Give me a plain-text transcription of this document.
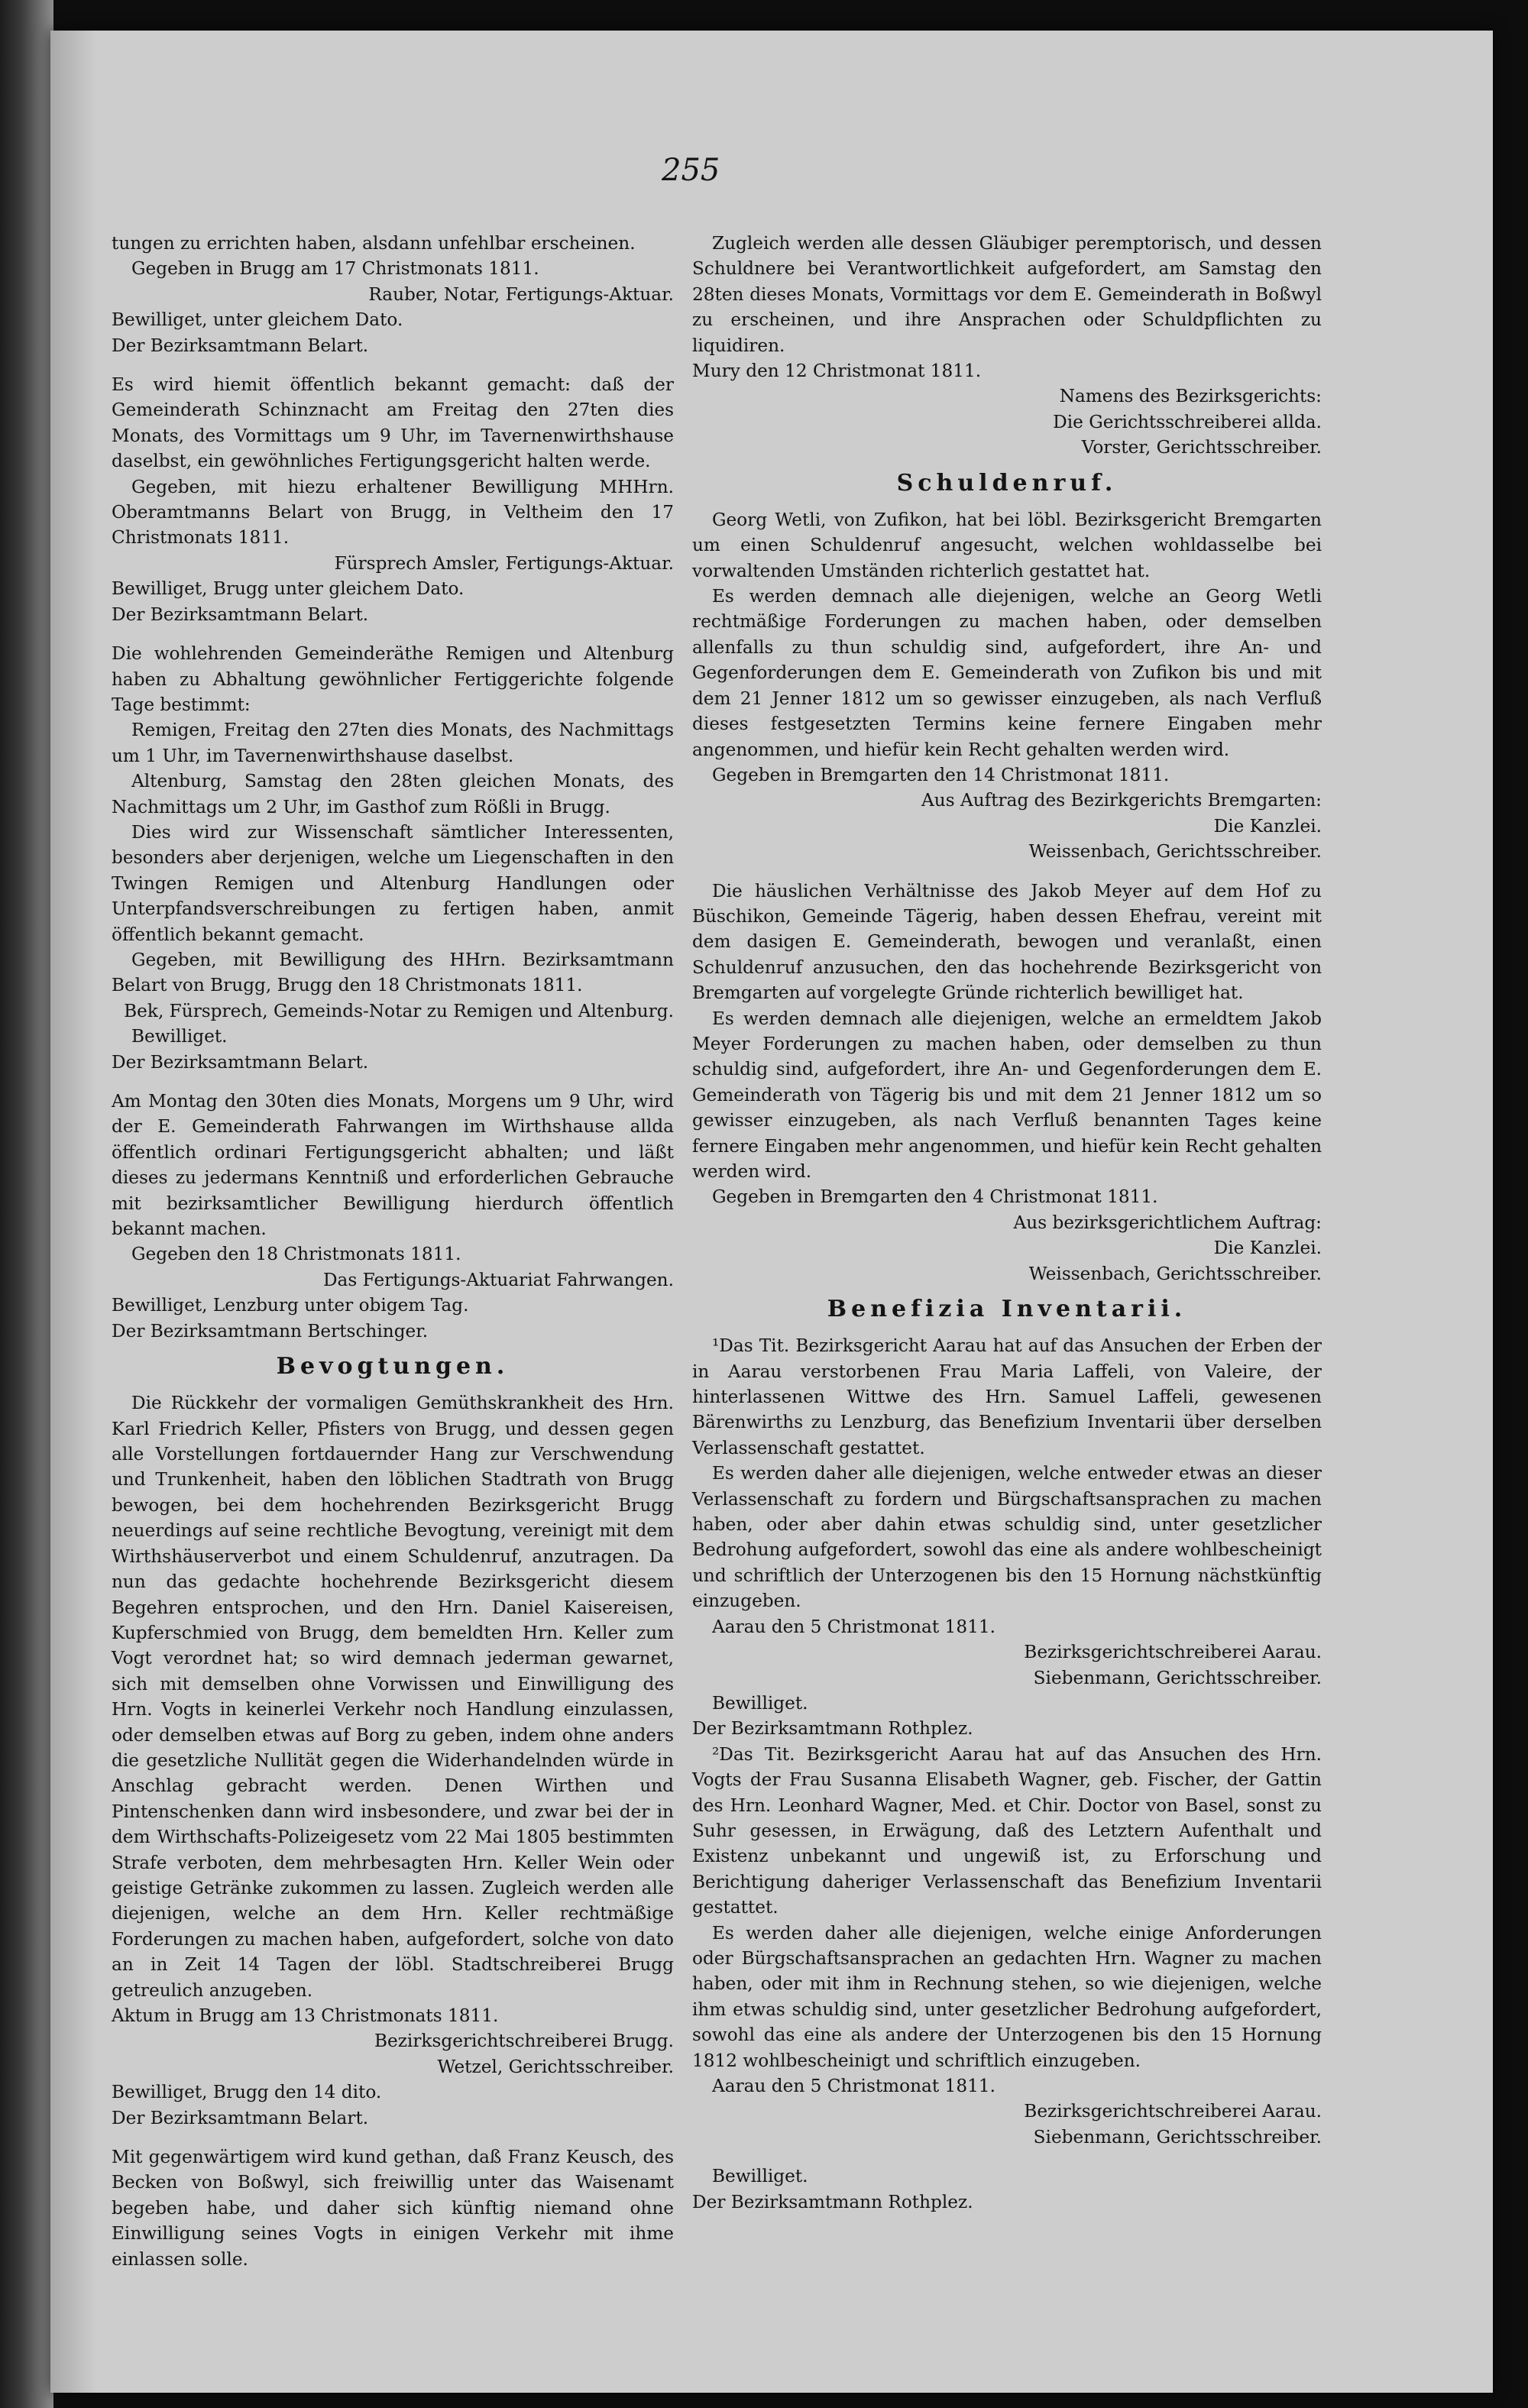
255

tungen zu errichten haben, alsdann unfehlbar erscheinen.

Gegeben in Brugg am 17 Christmonats 1811.

Rauber, Notar, Fertigungs-Aktuar.

Bewilliget, unter gleichem Dato.

Der Bezirksamtmann Belart.

Es wird hiemit öffentlich bekannt gemacht: daß der Gemeinderath Schinznacht am Freitag den 27ten dies Monats, des Vormittags um 9 Uhr, im Tavernenwirthshause daselbst, ein gewöhnliches Fertigungsgericht halten werde.

Gegeben, mit hiezu erhaltener Bewilligung MHHrn. Oberamtmanns Belart von Brugg, in Veltheim den 17 Christmonats 1811.

Fürsprech Amsler, Fertigungs-Aktuar.

Bewilliget, Brugg unter gleichem Dato.

Der Bezirksamtmann Belart.

Die wohlehrenden Gemeinderäthe Remigen und Altenburg haben zu Abhaltung gewöhnlicher Fertiggerichte folgende Tage bestimmt:

Remigen, Freitag den 27ten dies Monats, des Nachmittags um 1 Uhr, im Tavernenwirthshause daselbst.

Altenburg, Samstag den 28ten gleichen Monats, des Nachmittags um 2 Uhr, im Gasthof zum Rößli in Brugg.

Dies wird zur Wissenschaft sämtlicher Interessenten, besonders aber derjenigen, welche um Liegenschaften in den Twingen Remigen und Altenburg Handlungen oder Unterpfandsverschreibungen zu fertigen haben, anmit öffentlich bekannt gemacht.

Gegeben, mit Bewilligung des HHrn. Bezirksamtmann Belart von Brugg, Brugg den 18 Christmonats 1811.

Bek, Fürsprech, Gemeinds-Notar zu Remigen und Altenburg.

Bewilliget.

Der Bezirksamtmann Belart.

Am Montag den 30ten dies Monats, Morgens um 9 Uhr, wird der E. Gemeinderath Fahrwangen im Wirthshause allda öffentlich ordinari Fertigungsgericht abhalten; und läßt dieses zu jedermans Kenntniß und erforderlichen Gebrauche mit bezirksamtlicher Bewilligung hierdurch öffentlich bekannt machen.

Gegeben den 18 Christmonats 1811.

Das Fertigungs-Aktuariat Fahrwangen.

Bewilliget, Lenzburg unter obigem Tag.

Der Bezirksamtmann Bertschinger.

Bevogtungen.

Die Rückkehr der vormaligen Gemüthskrankheit des Hrn. Karl Friedrich Keller, Pfisters von Brugg, und dessen gegen alle Vorstellungen fortdauernder Hang zur Verschwendung und Trunkenheit, haben den löblichen Stadtrath von Brugg bewogen, bei dem hochehrenden Bezirksgericht Brugg neuerdings auf seine rechtliche Bevogtung, vereinigt mit dem Wirthshäuserverbot und einem Schuldenruf, anzutragen. Da nun das gedachte hochehrende Bezirksgericht diesem Begehren entsprochen, und den Hrn. Daniel Kaisereisen, Kupferschmied von Brugg, dem bemeldten Hrn. Keller zum Vogt verordnet hat; so wird demnach jederman gewarnet, sich mit demselben ohne Vorwissen und Einwilligung des Hrn. Vogts in keinerlei Verkehr noch Handlung einzulassen, oder demselben etwas auf Borg zu geben, indem ohne anders die gesetzliche Nullität gegen die Widerhandelnden würde in Anschlag gebracht werden. Denen Wirthen und Pintenschenken dann wird insbesondere, und zwar bei der in dem Wirthschafts-Polizeigesetz vom 22 Mai 1805 bestimmten Strafe verboten, dem mehrbesagten Hrn. Keller Wein oder geistige Getränke zukommen zu lassen. Zugleich werden alle diejenigen, welche an dem Hrn. Keller rechtmäßige Forderungen zu machen haben, aufgefordert, solche von dato an in Zeit 14 Tagen der löbl. Stadtschreiberei Brugg getreulich anzugeben.

Aktum in Brugg am 13 Christmonats 1811.

Bezirksgerichtschreiberei Brugg.

Wetzel, Gerichtsschreiber.

Bewilliget, Brugg den 14 dito.

Der Bezirksamtmann Belart.

Mit gegenwärtigem wird kund gethan, daß Franz Keusch, des Becken von Boßwyl, sich freiwillig unter das Waisenamt begeben habe, und daher sich künftig niemand ohne Einwilligung seines Vogts in einigen Verkehr mit ihme einlassen solle.

Zugleich werden alle dessen Gläubiger peremptorisch, und dessen Schuldnere bei Verantwortlichkeit aufgefordert, am Samstag den 28ten dieses Monats, Vormittags vor dem E. Gemeinderath in Boßwyl zu erscheinen, und ihre Ansprachen oder Schuldpflichten zu liquidiren.

Mury den 12 Christmonat 1811.

Namens des Bezirksgerichts:

Die Gerichtsschreiberei allda.

Vorster, Gerichtsschreiber.

Schuldenruf.

Georg Wetli, von Zufikon, hat bei löbl. Bezirksgericht Bremgarten um einen Schuldenruf angesucht, welchen wohldasselbe bei vorwaltenden Umständen richterlich gestattet hat.

Es werden demnach alle diejenigen, welche an Georg Wetli rechtmäßige Forderungen zu machen haben, oder demselben allenfalls zu thun schuldig sind, aufgefordert, ihre An- und Gegenforderungen dem E. Gemeinderath von Zufikon bis und mit dem 21 Jenner 1812 um so gewisser einzugeben, als nach Verfluß dieses festgesetzten Termins keine fernere Eingaben mehr angenommen, und hiefür kein Recht gehalten werden wird.

Gegeben in Bremgarten den 14 Christmonat 1811.

Aus Auftrag des Bezirkgerichts Bremgarten:

Die Kanzlei.

Weissenbach, Gerichtsschreiber.

Die häuslichen Verhältnisse des Jakob Meyer auf dem Hof zu Büschikon, Gemeinde Tägerig, haben dessen Ehefrau, vereint mit dem dasigen E. Gemeinderath, bewogen und veranlaßt, einen Schuldenruf anzusuchen, den das hochehrende Bezirksgericht von Bremgarten auf vorgelegte Gründe richterlich bewilliget hat.

Es werden demnach alle diejenigen, welche an ermeldtem Jakob Meyer Forderungen zu machen haben, oder demselben zu thun schuldig sind, aufgefordert, ihre An- und Gegenforderungen dem E. Gemeinderath von Tägerig bis und mit dem 21 Jenner 1812 um so gewisser einzugeben, als nach Verfluß benannten Tages keine fernere Eingaben mehr angenommen, und hiefür kein Recht gehalten werden wird.

Gegeben in Bremgarten den 4 Christmonat 1811.

Aus bezirksgerichtlichem Auftrag:

Die Kanzlei.

Weissenbach, Gerichtsschreiber.

Benefizia Inventarii.

¹Das Tit. Bezirksgericht Aarau hat auf das Ansuchen der Erben der in Aarau verstorbenen Frau Maria Laffeli, von Valeire, der hinterlassenen Wittwe des Hrn. Samuel Laffeli, gewesenen Bärenwirths zu Lenzburg, das Benefizium Inventarii über derselben Verlassenschaft gestattet.

Es werden daher alle diejenigen, welche entweder etwas an dieser Verlassenschaft zu fordern und Bürgschaftsansprachen zu machen haben, oder aber dahin etwas schuldig sind, unter gesetzlicher Bedrohung aufgefordert, sowohl das eine als andere wohlbescheinigt und schriftlich der Unterzogenen bis den 15 Hornung nächstkünftig einzugeben.

Aarau den 5 Christmonat 1811.

Bezirksgerichtschreiberei Aarau.

Siebenmann, Gerichtsschreiber.

Bewilliget.

Der Bezirksamtmann Rothplez.

²Das Tit. Bezirksgericht Aarau hat auf das Ansuchen des Hrn. Vogts der Frau Susanna Elisabeth Wagner, geb. Fischer, der Gattin des Hrn. Leonhard Wagner, Med. et Chir. Doctor von Basel, sonst zu Suhr gesessen, in Erwägung, daß des Letztern Aufenthalt und Existenz unbekannt und ungewiß ist, zu Erforschung und Berichtigung daheriger Verlassenschaft das Benefizium Inventarii gestattet.

Es werden daher alle diejenigen, welche einige Anforderungen oder Bürgschaftsansprachen an gedachten Hrn. Wagner zu machen haben, oder mit ihm in Rechnung stehen, so wie diejenigen, welche ihm etwas schuldig sind, unter gesetzlicher Bedrohung aufgefordert, sowohl das eine als andere der Unterzogenen bis den 15 Hornung 1812 wohlbescheinigt und schriftlich einzugeben.

Aarau den 5 Christmonat 1811.

Bezirksgerichtschreiberei Aarau.

Siebenmann, Gerichtsschreiber.

Bewilliget.

Der Bezirksamtmann Rothplez.
